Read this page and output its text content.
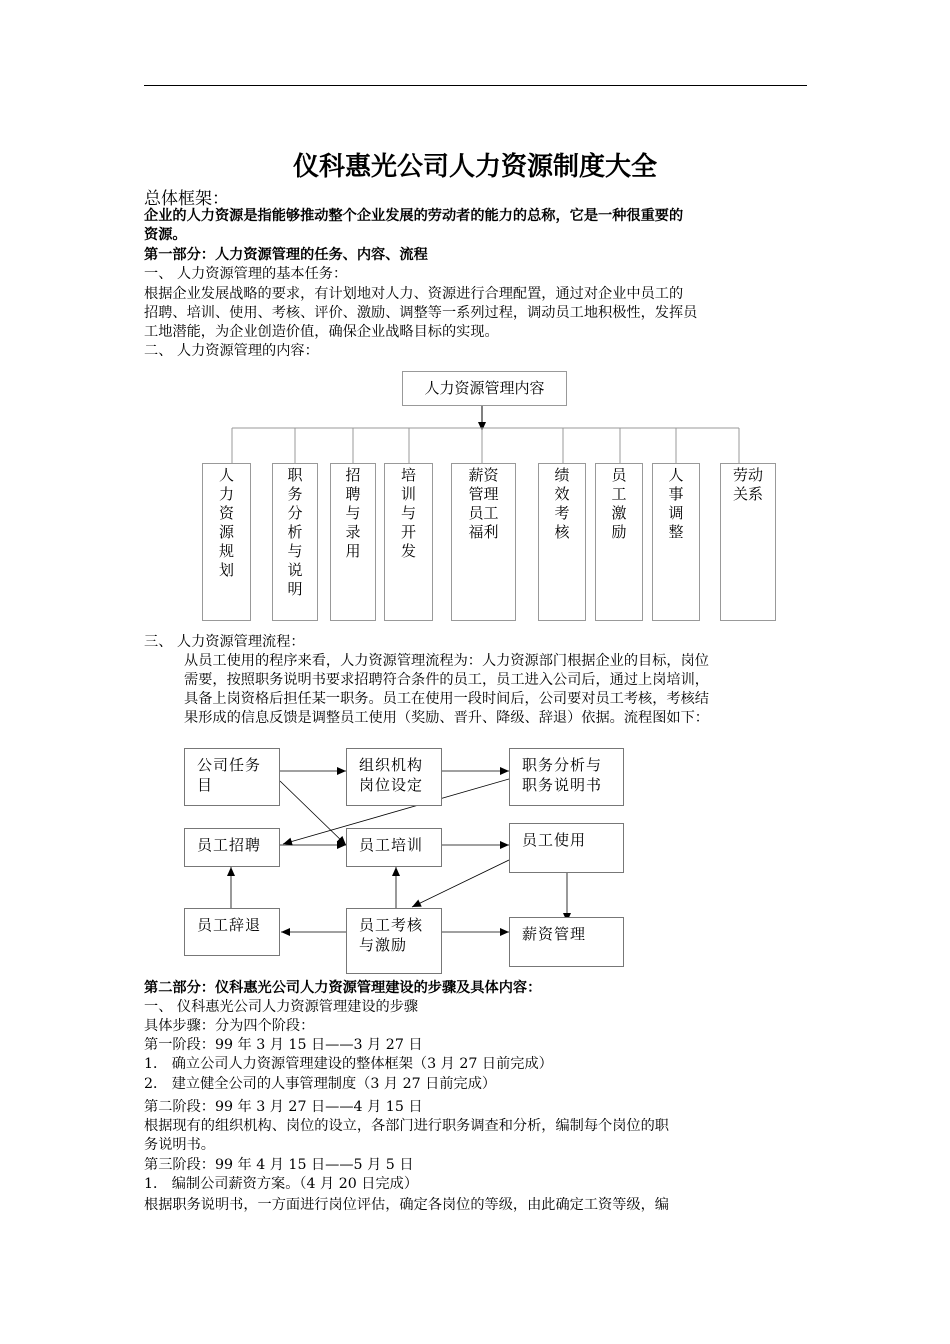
仪科惠光公司人力资源制度大全
总体框架：
企业的人力资源是指能够推动整个企业发展的劳动者的能力的总称，它是一种很重要的
资源。
第一部分：人力资源管理的任务、内容、流程
一、 人力资源管理的基本任务：
根据企业发展战略的要求，有计划地对人力、资源进行合理配置，通过对企业中员工的
招聘、培训、使用、考核、评价、激励、调整等一系列过程，调动员工地积极性，发挥员
工地潜能，为企业创造价值，确保企业战略目标的实现。
二、 人力资源管理的内容：
人力资源管理内容
人力资源规划
职务分析与说明
招聘与录用
培训与开发
薪资管理员工福利
绩效考核
员工激励
人事调整
劳动关系
三、 人力资源管理流程：
从员工使用的程序来看，人力资源管理流程为：人力资源部门根据企业的目标，岗位
需要，按照职务说明书要求招聘符合条件的员工，员工进入公司后，通过上岗培训，
具备上岗资格后担任某一职务。员工在使用一段时间后，公司要对员工考核，考核结
果形成的信息反馈是调整员工使用（奖励、晋升、降级、辞退）依据。流程图如下：
公司任务
目
组织机构
岗位设定
职务分析与
职务说明书
员工招聘	员工培训	员工使用
员工辞退	员工考核
与激励
薪资管理
第二部分：仪科惠光公司人力资源管理建设的步骤及具体内容：
一、 仪科惠光公司人力资源管理建设的步骤
具体步骤：分为四个阶段：
第一阶段：99 年 3 月 15 日——3 月 27 日
1． 确立公司人力资源管理建设的整体框架（3 月 27 日前完成）
2． 建立健全公司的人事管理制度（3 月 27 日前完成）
第二阶段：99 年 3 月 27 日——4 月 15 日
根据现有的组织机构、岗位的设立，各部门进行职务调查和分析，编制每个岗位的职
务说明书。
第三阶段：99 年 4 月 15 日——5 月 5 日
1． 编制公司薪资方案。（4 月 20 日完成）
根据职务说明书，一方面进行岗位评估，确定各岗位的等级，由此确定工资等级，编
